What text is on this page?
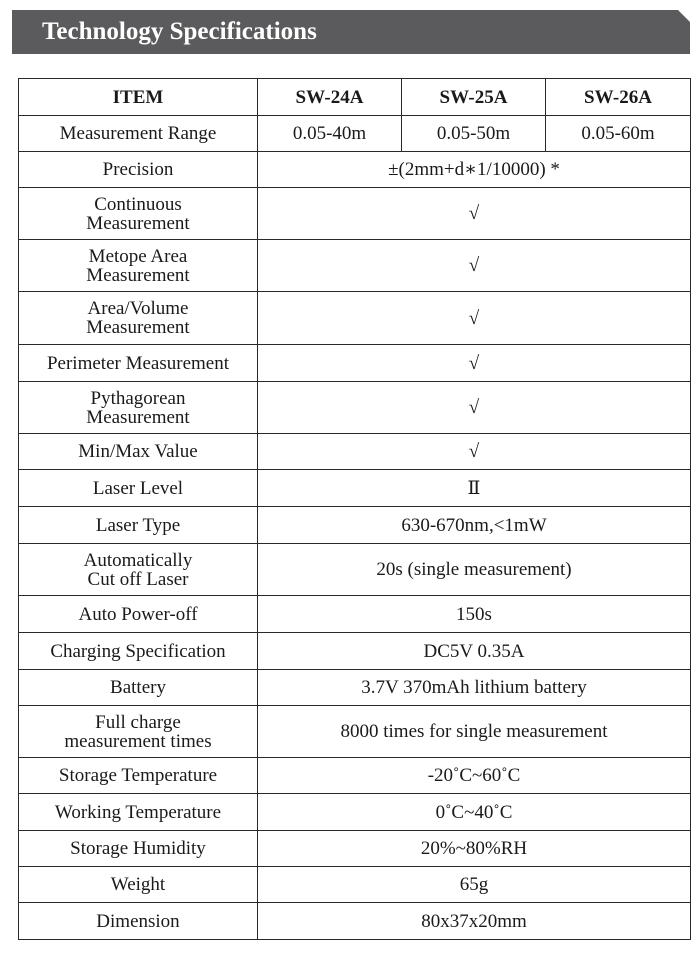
Technology Specifications
ITEM	SW-24A	SW-25A	SW-26A
Measurement Range	0.05-40m	0.05-50m	0.05-60m
Precision	±(2mm+d∗1/10000) *		
Continuous
Measurement	√		
Metope Area
Measurement	√		
Area/Volume
Measurement	√		
Perimeter Measurement	√		
Pythagorean
Measurement	√		
Min/Max Value	√		
Laser Level	Ⅱ		
Laser Type	630-670nm,<1mW		
Automatically
Cut off Laser	20s (single measurement)		
Auto Power-off	150s		
Charging Specification	DC5V 0.35A		
Battery	3.7V 370mAh lithium battery		
Full charge
measurement times	8000 times for single measurement		
Storage Temperature	-20˚C~60˚C		
Working Temperature	0˚C~40˚C		
Storage Humidity	20%~80%RH		
Weight	65g		
Dimension	80x37x20mm		
